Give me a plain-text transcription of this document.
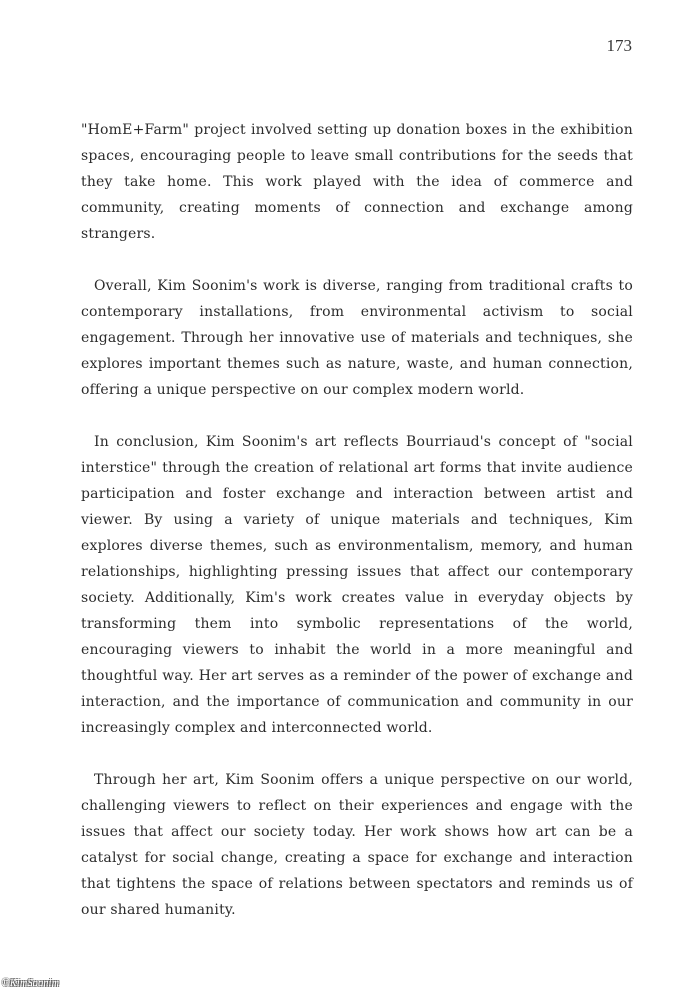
173

"HomE+Farm" project involved setting up donation boxes in the exhibition spaces, encouraging people to leave small contributions for the seeds that they take home. This work played with the idea of commerce and community, creating moments of connection and exchange among strangers.

Overall, Kim Soonim's work is diverse, ranging from traditional crafts to contemporary installations, from environmental activism to social engagement. Through her innovative use of materials and techniques, she explores important themes such as nature, waste, and human connection, offering a unique perspective on our complex modern world.

In conclusion, Kim Soonim's art reflects Bourriaud's concept of "social interstice" through the creation of relational art forms that invite audience participation and foster exchange and interaction between artist and viewer. By using a variety of unique materials and techniques, Kim explores diverse themes, such as environmentalism, memory, and human relationships, highlighting pressing issues that affect our contemporary society. Additionally, Kim's work creates value in everyday objects by transforming them into symbolic representations of the world, encouraging viewers to inhabit the world in a more meaningful and thoughtful way. Her art serves as a reminder of the power of exchange and interaction, and the importance of communication and community in our increasingly complex and interconnected world.

Through her art, Kim Soonim offers a unique perspective on our world, challenging viewers to reflect on their experiences and engage with the issues that affect our society today. Her work shows how art can be a catalyst for social change, creating a space for exchange and interaction that tightens the space of relations between spectators and reminds us of our shared humanity.

©KimSoonim
